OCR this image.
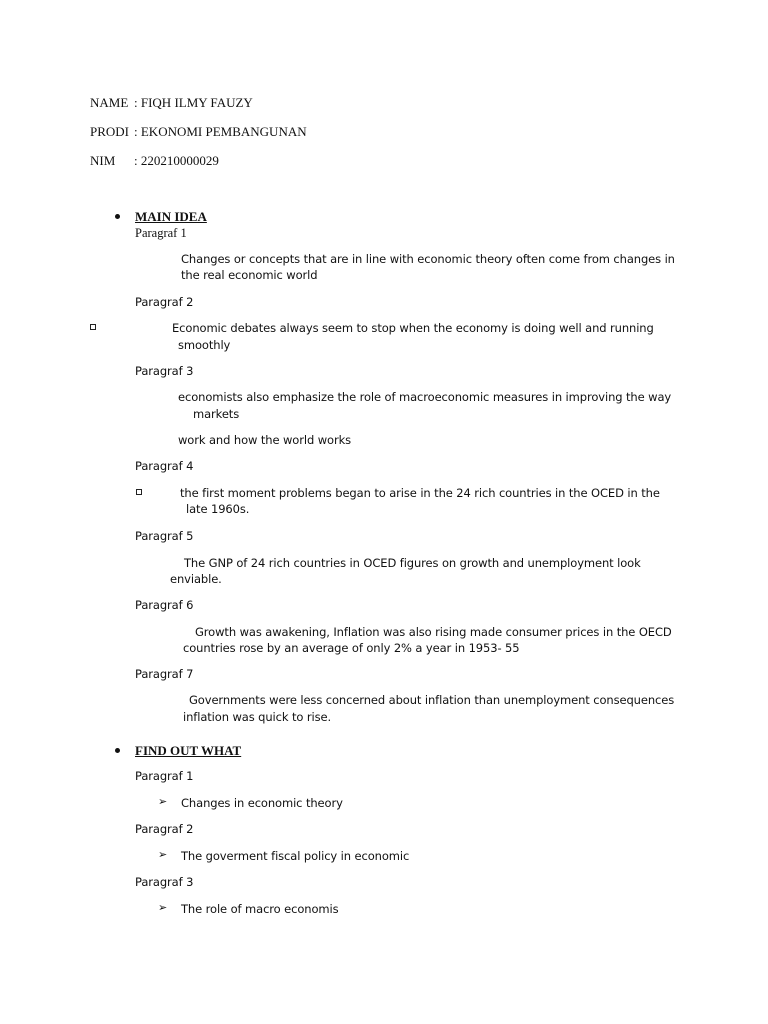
NAME : FIQH ILMY FAUZY
PRODI : EKONOMI PEMBANGUNAN
NIM : 220210000029
MAIN IDEA
Paragraf 1
Changes or concepts that are in line with economic theory often come from changes in
the real economic world
Paragraf 2
Economic debates always seem to stop when the economy is doing well and running
smoothly
Paragraf 3
economists also emphasize the role of macroeconomic measures in improving the way
markets
work and how the world works
Paragraf 4
the first moment problems began to arise in the 24 rich countries in the OCED in the
late 1960s.
Paragraf 5
The GNP of 24 rich countries in OCED figures on growth and unemployment look
enviable.
Paragraf 6
Growth was awakening, Inflation was also rising made consumer prices in the OECD
countries rose by an average of only 2% a year in 1953- 55
Paragraf 7
Governments were less concerned about inflation than unemployment consequences
inflation was quick to rise.
FIND OUT WHAT
Paragraf 1
➢ Changes in economic theory
Paragraf 2
➢ The goverment fiscal policy in economic
Paragraf 3
➢ The role of macro economis
